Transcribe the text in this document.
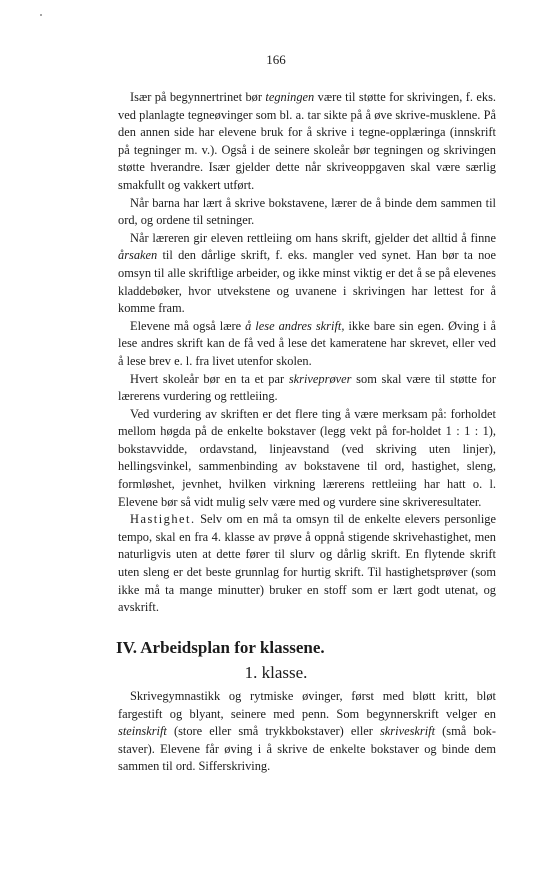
166

Især på begynnertrinet bør tegningen være til støtte for skrivingen, f. eks. ved planlagte tegneøvinger som bl. a. tar sikte på å øve skrive-musklene. På den annen side har elevene bruk for å skrive i tegne-opplæringa (innskrift på tegninger m. v.). Også i de seinere skoleår bør tegningen og skrivingen støtte hverandre. Især gjelder dette når skriveoppgaven skal være særlig smakfullt og vakkert utført.

Når barna har lært å skrive bokstavene, lærer de å binde dem sammen til ord, og ordene til setninger.

Når læreren gir eleven rettleiing om hans skrift, gjelder det alltid å finne årsaken til den dårlige skrift, f. eks. mangler ved synet. Han bør ta noe omsyn til alle skriftlige arbeider, og ikke minst viktig er det å se på elevenes kladdebøker, hvor utvekstene og uvanene i skrivingen har lettest for å komme fram.

Elevene må også lære å lese andres skrift, ikke bare sin egen. Øving i å lese andres skrift kan de få ved å lese det kameratene har skrevet, eller ved å lese brev e. l. fra livet utenfor skolen.

Hvert skoleår bør en ta et par skriveprøver som skal være til støtte for lærerens vurdering og rettleiing.

Ved vurdering av skriften er det flere ting å være merksam på: forholdet mellom høgda på de enkelte bokstaver (legg vekt på for-holdet 1 : 1 : 1), bokstavvidde, ordavstand, linjeavstand (ved skriving uten linjer), hellingsvinkel, sammenbinding av bokstavene til ord, hastighet, sleng, formløshet, jevnhet, hvilken virkning lærerens rettleiing har hatt o. l. Elevene bør så vidt mulig selv være med og vurdere sine skriveresultater.

Hastighet. Selv om en må ta omsyn til de enkelte elevers personlige tempo, skal en fra 4. klasse av prøve å oppnå stigende skrivehastighet, men naturligvis uten at dette fører til slurv og dårlig skrift. En flytende skrift uten sleng er det beste grunnlag for hurtig skrift. Til hastighetsprøver (som ikke må ta mange minutter) bruker en stoff som er lært godt utenat, og avskrift.

IV. Arbeidsplan for klassene.
1. klasse.

Skrivegymnastikk og rytmiske øvinger, først med bløtt kritt, bløt fargestift og blyant, seinere med penn. Som begynnerskrift velger en steinskrift (store eller små trykkbokstaver) eller skriveskrift (små bok-staver). Elevene får øving i å skrive de enkelte bokstaver og binde dem sammen til ord. Sifferskriving.
